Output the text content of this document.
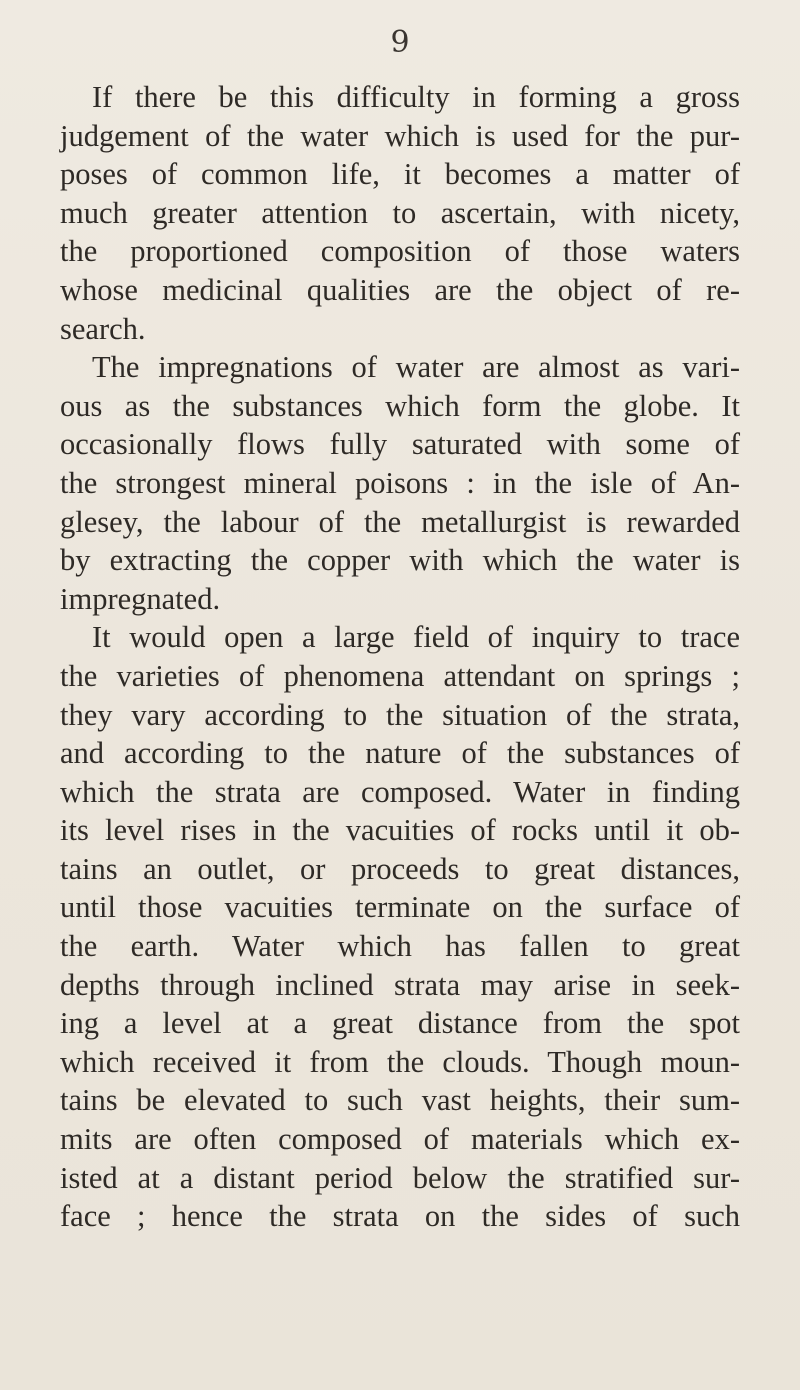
9
If there be this difficulty in forming a gross
judgement of the water which is used for the pur-
poses of common life, it becomes a matter of
much greater attention to ascertain, with nicety,
the proportioned composition of those waters
whose medicinal qualities are the object of re-
search.
The impregnations of water are almost as vari-
ous as the substances which form the globe. It
occasionally flows fully saturated with some of
the strongest mineral poisons : in the isle of An-
glesey, the labour of the metallurgist is rewarded
by extracting the copper with which the water is
impregnated.
It would open a large field of inquiry to trace
the varieties of phenomena attendant on springs ;
they vary according to the situation of the strata,
and according to the nature of the substances of
which the strata are composed. Water in finding
its level rises in the vacuities of rocks until it ob-
tains an outlet, or proceeds to great distances,
until those vacuities terminate on the surface of
the earth. Water which has fallen to great
depths through inclined strata may arise in seek-
ing a level at a great distance from the spot
which received it from the clouds. Though moun-
tains be elevated to such vast heights, their sum-
mits are often composed of materials which ex-
isted at a distant period below the stratified sur-
face ; hence the strata on the sides of such
